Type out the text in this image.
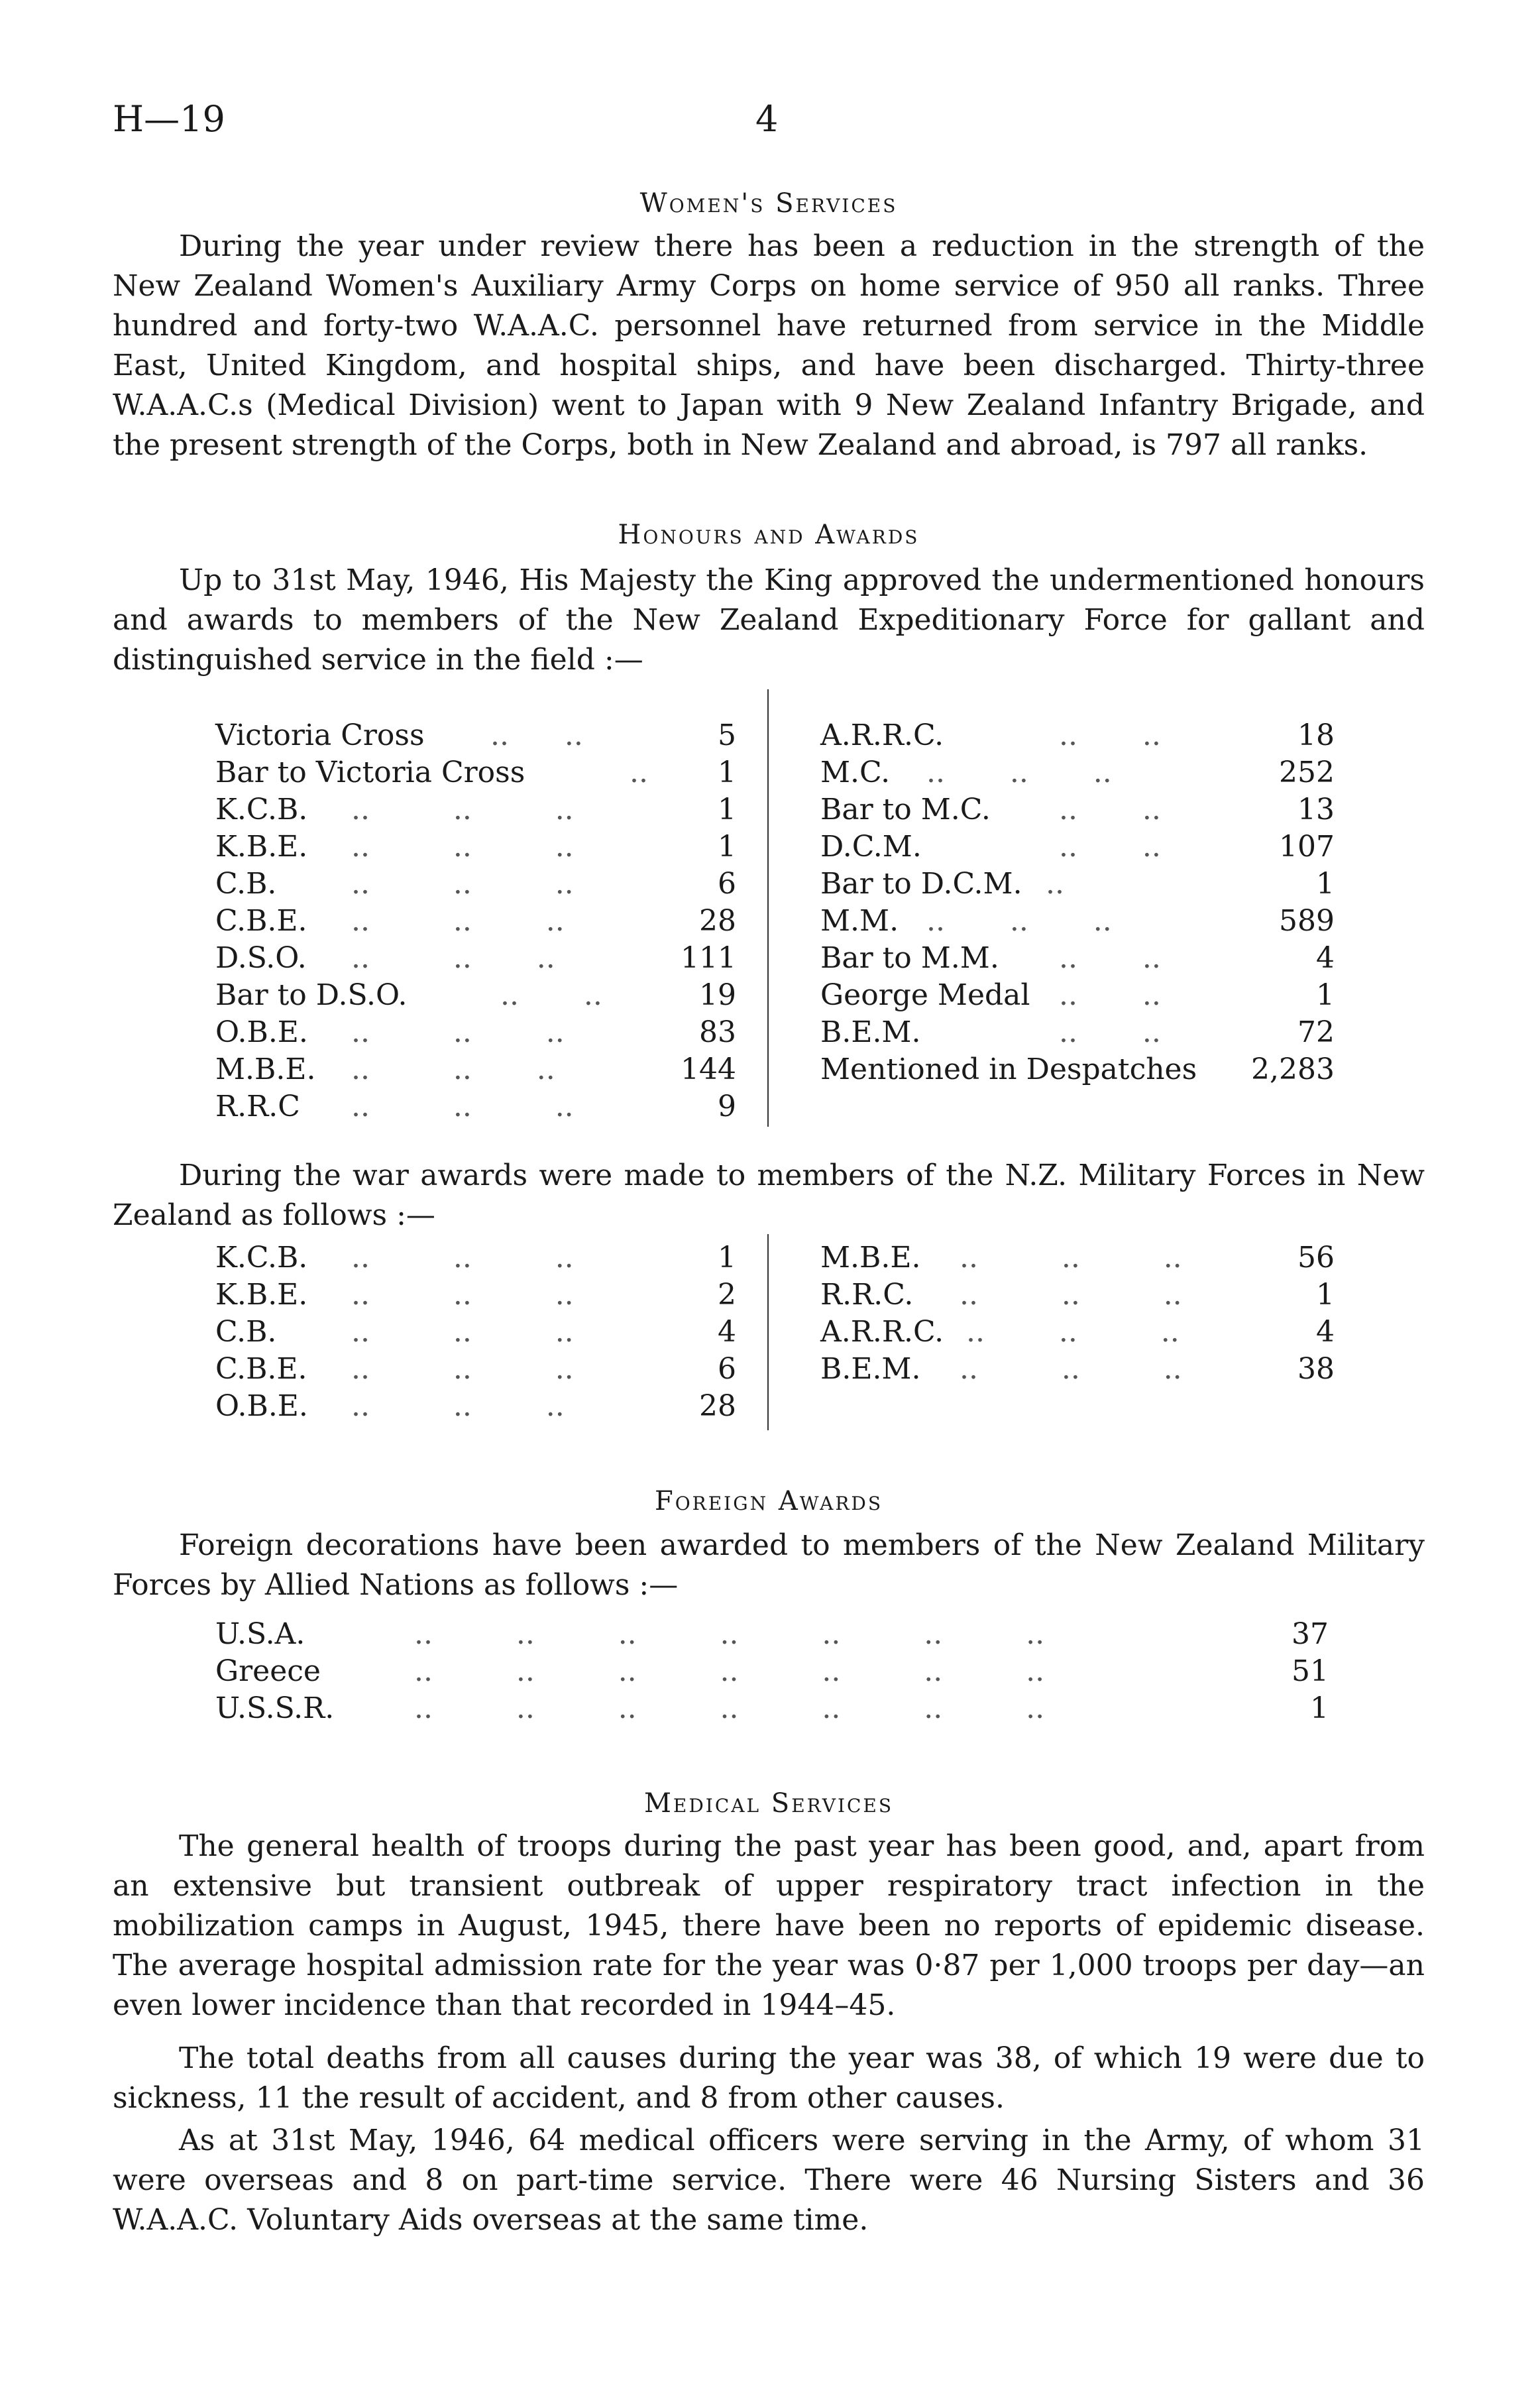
H—19	4
Women's Services

During the year under review there has been a reduction in the strength of the New Zealand Women's Auxiliary Army Corps on home service of 950 all ranks. Three hundred and forty-two W.A.A.C. personnel have returned from service in the Middle East, United Kingdom, and hospital ships, and have been discharged. Thirty-three W.A.A.C.s (Medical Division) went to Japan with 9 New Zealand Infantry Brigade, and the present strength of the Corps, both in New Zealand and abroad, is 797 all ranks.

Honours and Awards

Up to 31st May, 1946, His Majesty the King approved the undermentioned honours and awards to members of the New Zealand Expeditionary Force for gallant and distinguished service in the field :—

Victoria Cross ..      ..	5
Bar to Victoria Cross	.. 1
K.C.B. ..         ..         ..	1
K.B.E. ..         ..         ..	1
C.B.	..         ..         ..	6
C.B.E. ..         ..        ..	28
D.S.O. ..         ..       ..	111
Bar to D.S.O.	..       ..	19
O.B.E. ..         ..        ..	83
M.B.E. ..         ..       ..	144
R.R.C ..         ..         ..	9
A.R.R.C.	..       ..	18
M.C. ..       ..       ..	252
Bar to M.C. ..       ..	13
D.C.M.	..       ..	107
Bar to D.C.M. ..	1
M.M. ..       ..       ..	589
Bar to M.M. ..       ..	4
George Medal ..       ..	1
B.E.M.	..       ..	72
Mentioned in Despatches 2,283

During the war awards were made to members of the N.Z. Military Forces in New Zealand as follows :—

K.C.B. ..         ..         ..	1
K.B.E. ..         ..         ..	2
C.B.	..         ..         ..	4
C.B.E. ..         ..         ..	6
O.B.E. ..         ..        ..	28
M.B.E. ..         ..         ..	56
R.R.C. ..         ..         ..	1
A.R.R.C. ..        ..         ..	4
B.E.M. ..         ..         ..	38
Foreign Awards

Foreign decorations have been awarded to members of the New Zealand Military Forces by Allied Nations as follows :—

U.S.A.	..         ..         ..         ..         ..         ..         ..	37
Greece	..         ..         ..         ..         ..         ..         ..	51
U.S.S.R.	..         ..         ..         ..         ..         ..         ..	1
Medical Services

The general health of troops during the past year has been good, and, apart from an extensive but transient outbreak of upper respiratory tract infection in the mobilization camps in August, 1945, there have been no reports of epidemic disease. The average hospital admission rate for the year was 0·87 per 1,000 troops per day—an even lower incidence than that recorded in 1944–45.

The total deaths from all causes during the year was 38, of which 19 were due to sickness, 11 the result of accident, and 8 from other causes.

As at 31st May, 1946, 64 medical officers were serving in the Army, of whom 31 were overseas and 8 on part-time service. There were 46 Nursing Sisters and 36 W.A.A.C. Voluntary Aids overseas at the same time.
